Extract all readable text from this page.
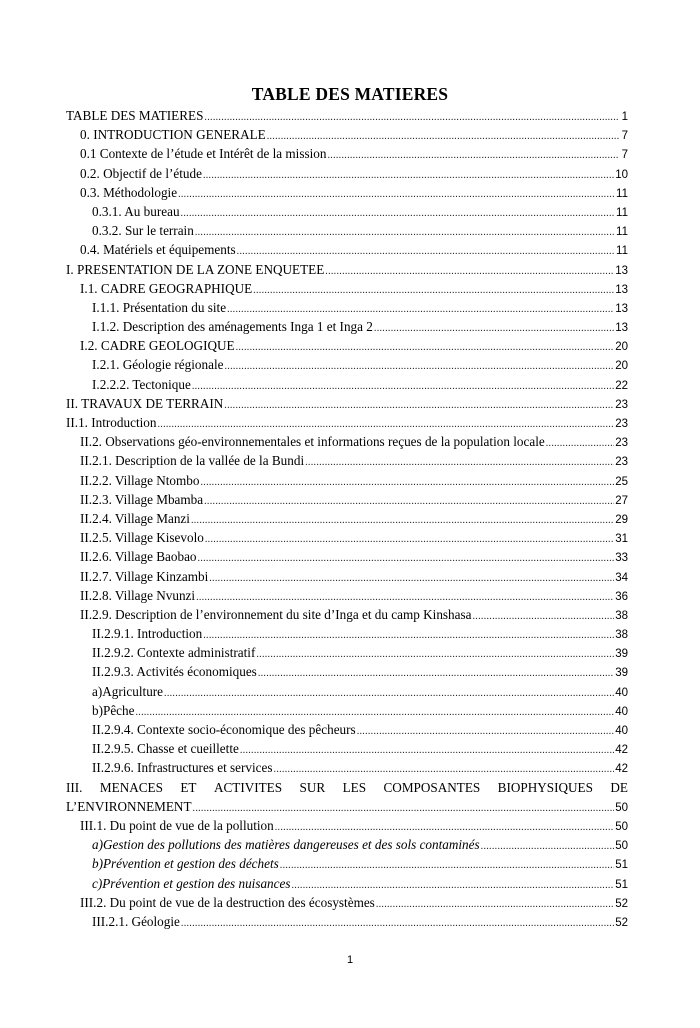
TABLE DES MATIERES
TABLE DES MATIERES .....	1
0. INTRODUCTION GENERALE .....	7
0.1 Contexte de l’étude et Intérêt de la mission .....	7
0.2. Objectif de l’étude .....	10
0.3. Méthodologie .....	11
0.3.1. Au bureau .....	11
0.3.2. Sur le terrain .....	11
0.4. Matériels et équipements .....	11
I. PRESENTATION DE LA ZONE ENQUETEE .....	13
I.1. CADRE GEOGRAPHIQUE .....	13
I.1.1. Présentation du site .....	13
I.1.2. Description des aménagements Inga 1 et Inga 2 .....	13
I.2. CADRE GEOLOGIQUE .....	20
I.2.1. Géologie régionale .....	20
I.2.2.2. Tectonique .....	22
II. TRAVAUX DE TERRAIN .....	23
II.1. Introduction .....	23
II.2. Observations géo-environnementales et informations reçues de la population locale .....	23
II.2.1. Description de la vallée de la Bundi .....	23
II.2.2. Village Ntombo .....	25
II.2.3. Village Mbamba .....	27
II.2.4. Village Manzi .....	29
II.2.5. Village Kisevolo .....	31
II.2.6. Village Baobao .....	33
II.2.7. Village Kinzambi .....	34
II.2.8. Village Nvunzi .....	36
II.2.9. Description de l’environnement du site d’Inga et du camp Kinshasa .....	38
II.2.9.1. Introduction .....	38
II.2.9.2. Contexte administratif .....	39
II.2.9.3. Activités économiques .....	39
a)Agriculture .....	40
b)Pêche .....	40
II.2.9.4. Contexte socio-économique des pêcheurs .....	40
II.2.9.5. Chasse et cueillette .....	42
II.2.9.6. Infrastructures et services .....	42
III. MENACES ET ACTIVITES SUR LES COMPOSANTES BIOPHYSIQUES DE
L’ENVIRONNEMENT .....	50
III.1. Du point de vue de la pollution .....	50
a)Gestion des pollutions des matières dangereuses et des sols contaminés .....	50
b)Prévention et gestion des déchets .....	51
c)Prévention et gestion des nuisances .....	51
III.2. Du point de vue de la destruction des écosystèmes .....	52
III.2.1. Géologie .....	52
1
